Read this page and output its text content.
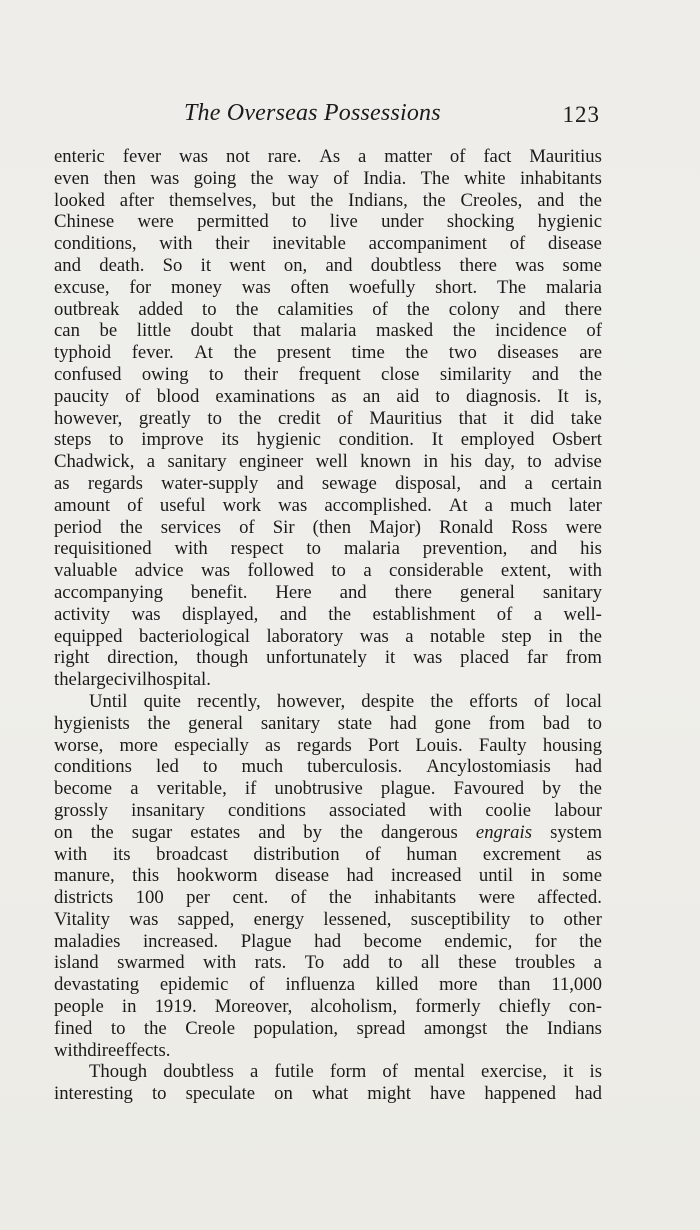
The Overseas Possessions	123
enteric fever was not rare. As a matter of fact Mauritius
even then was going the way of India. The white inhabitants
looked after themselves, but the Indians, the Creoles, and the
Chinese were permitted to live under shocking hygienic
conditions, with their inevitable accompaniment of disease
and death. So it went on, and doubtless there was some
excuse, for money was often woefully short. The malaria
outbreak added to the calamities of the colony and there
can be little doubt that malaria masked the incidence of
typhoid fever. At the present time the two diseases are
confused owing to their frequent close similarity and the
paucity of blood examinations as an aid to diagnosis. It is,
however, greatly to the credit of Mauritius that it did take
steps to improve its hygienic condition. It employed Osbert
Chadwick, a sanitary engineer well known in his day, to advise
as regards water-supply and sewage disposal, and a certain
amount of useful work was accomplished. At a much later
period the services of Sir (then Major) Ronald Ross were
requisitioned with respect to malaria prevention, and his
valuable advice was followed to a considerable extent, with
accompanying benefit. Here and there general sanitary
activity was displayed, and the establishment of a well-
equipped bacteriological laboratory was a notable step in the
right direction, though unfortunately it was placed far from
the large civil hospital.
Until quite recently, however, despite the efforts of local
hygienists the general sanitary state had gone from bad to
worse, more especially as regards Port Louis. Faulty housing
conditions led to much tuberculosis. Ancylostomiasis had
become a veritable, if unobtrusive plague. Favoured by the
grossly insanitary conditions associated with coolie labour
on the sugar estates and by the dangerous engrais system
with its broadcast distribution of human excrement as
manure, this hookworm disease had increased until in some
districts 100 per cent. of the inhabitants were affected.
Vitality was sapped, energy lessened, susceptibility to other
maladies increased. Plague had become endemic, for the
island swarmed with rats. To add to all these troubles a
devastating epidemic of influenza killed more than 11,000
people in 1919. Moreover, alcoholism, formerly chiefly con-
fined to the Creole population, spread amongst the Indians
with dire effects.
Though doubtless a futile form of mental exercise, it is
interesting to speculate on what might have happened had
